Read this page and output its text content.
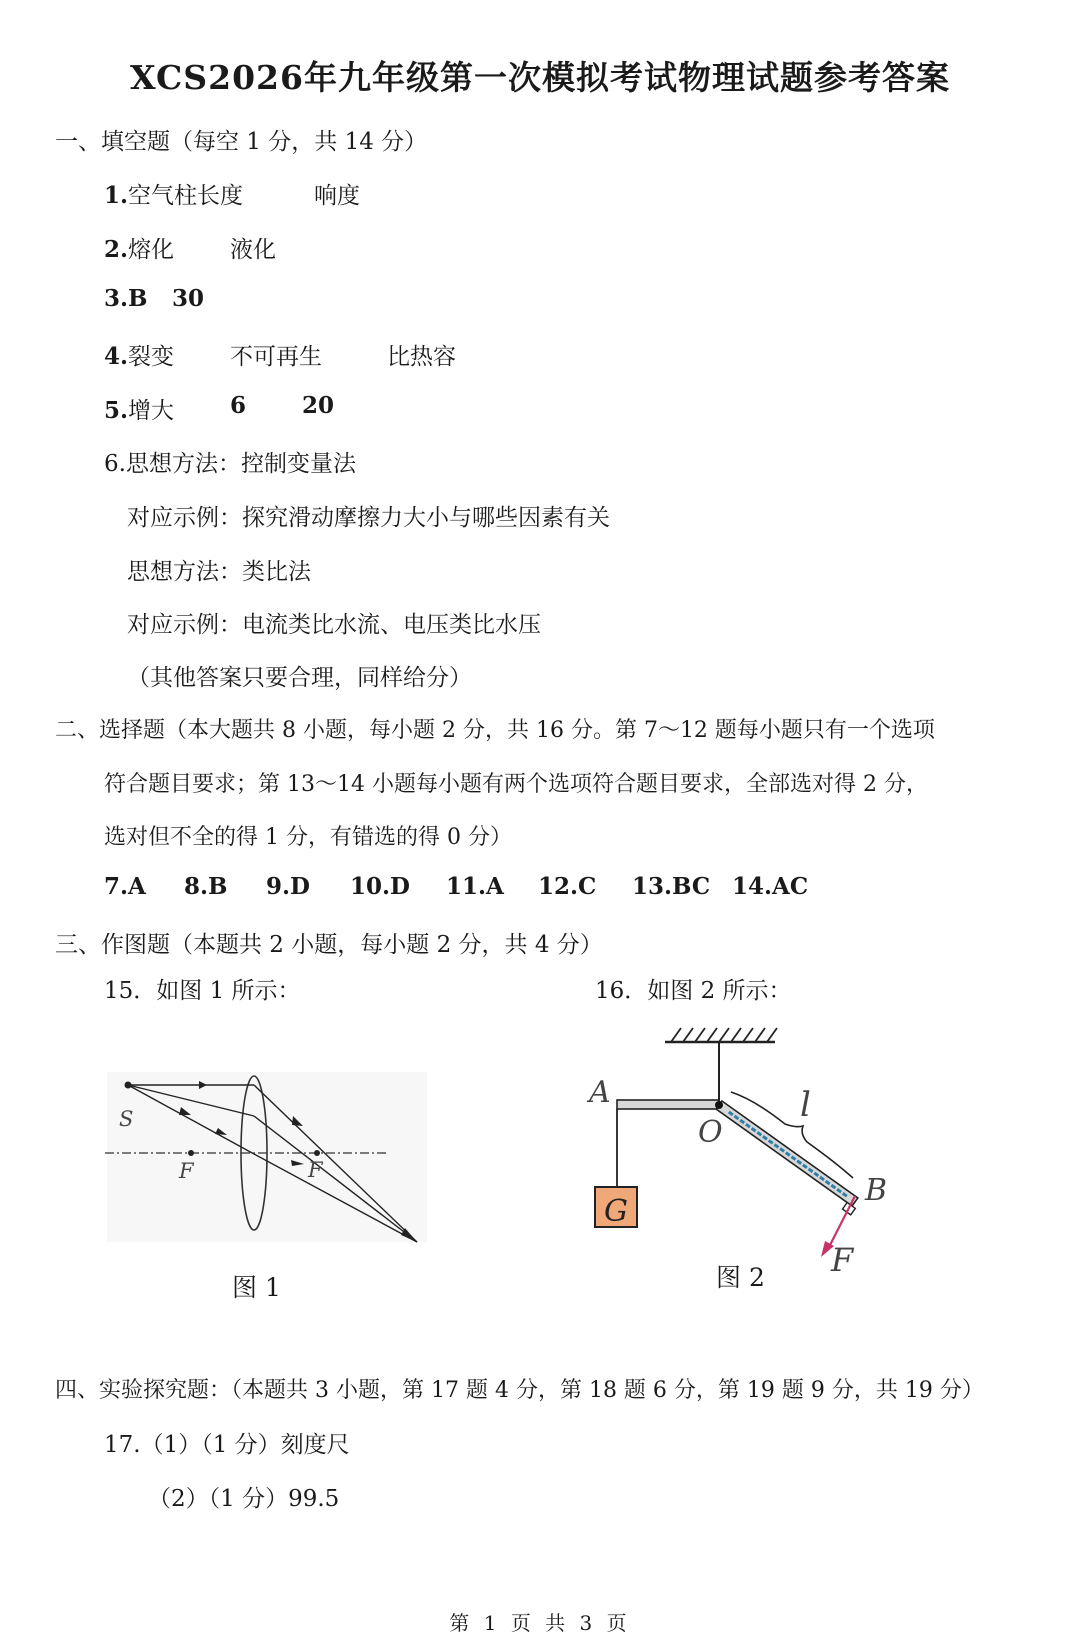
XCS2026年九年级第一次模拟考试物理试题参考答案
一、填空题（每空 1 分，共 14 分）
1.空气柱长度	响度
2.熔化 液化
3.B 30
4.裂变 不可再生	比热容
5.增大 6 20
6.思想方法：控制变量法
对应示例：探究滑动摩擦力大小与哪些因素有关
思想方法：类比法
对应示例：电流类比水流、电压类比水压
（其他答案只要合理，同样给分）
二、选择题（本大题共 8 小题，每小题 2 分，共 16 分。第 7～12 题每小题只有一个选项
符合题目要求；第 13～14 小题每小题有两个选项符合题目要求，全部选对得 2 分，
选对但不全的得 1 分，有错选的得 0 分）
7.A 8.B 9.D 10.D 11.A 12.C 13.BC 14.AC
三、作图题（本题共 2 小题，每小题 2 分，共 4 分）
15．如图 1 所示：	16．如图 2 所示：
S
F	F
图 1
A
O
l
B
G
F
图 2
四、实验探究题：（本题共 3 小题，第 17 题 4 分，第 18 题 6 分，第 19 题 9 分，共 19 分）
17.（1）（1 分）刻度尺
（2）（1 分）99.5
第 1 页 共 3 页
